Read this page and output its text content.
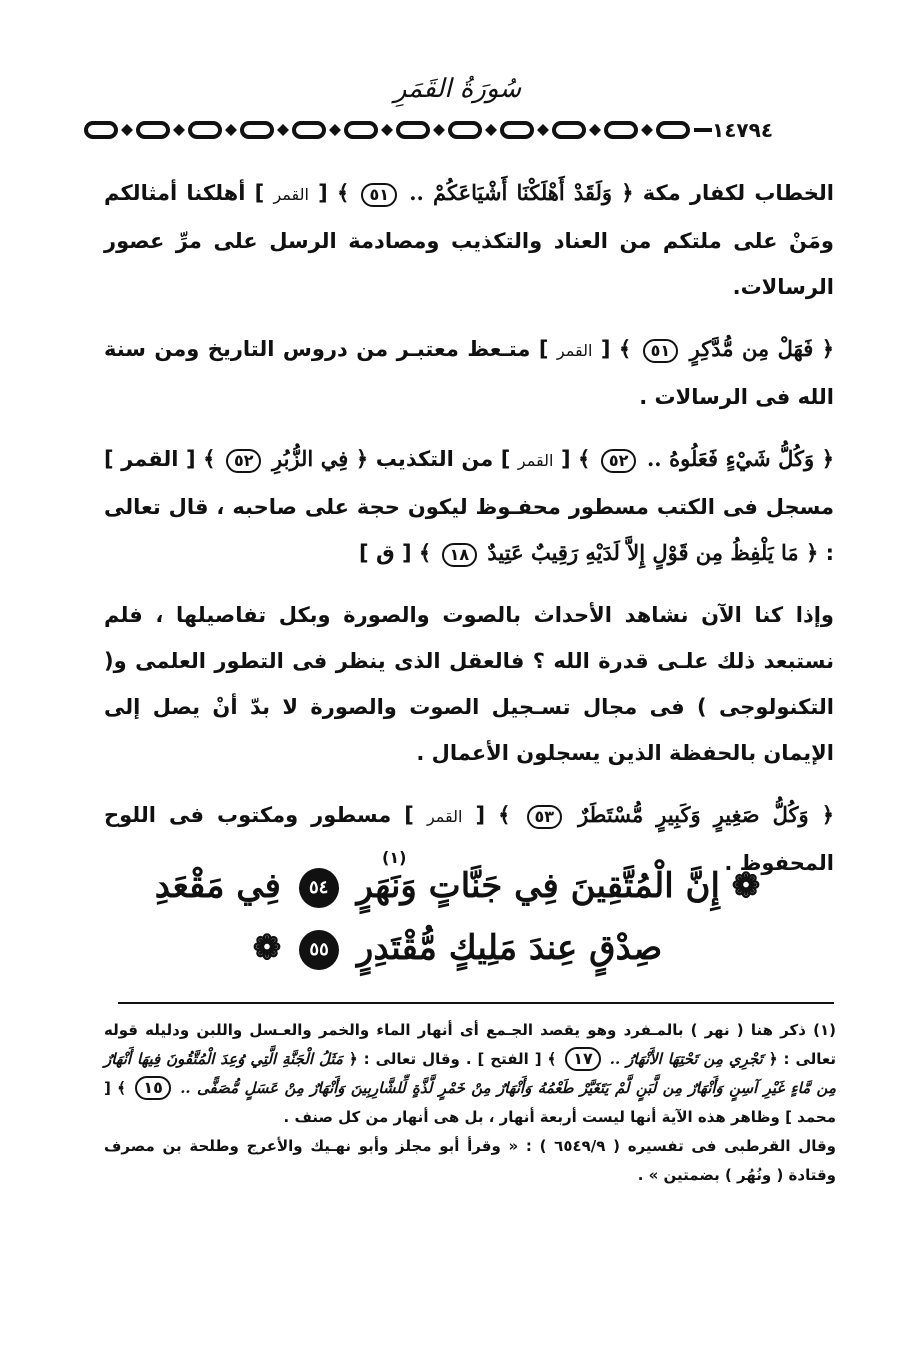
سُورَةُ القَمَرِ
١٤٧٩٤

الخطاب لكفار مكة ﴿ وَلَقَدْ أَهْلَكْنَا أَشْيَاعَكُمْ .. ٥١ ﴾ [ القمر ] أهلكنا أمثالكم ومَنْ على ملتكم من العناد والتكذيب ومصادمة الرسل على مرِّ عصور الرسالات.

﴿ فَهَلْ مِن مُّدَّكِرٍ ٥١ ﴾ [ القمر ] متـعظ معتبـر من دروس التاريخ ومن سنة الله فى الرسالات .

﴿ وَكُلُّ شَيْءٍ فَعَلُوهُ .. ٥٢ ﴾ [ القمر ] من التكذيب ﴿ فِي الزُّبُرِ ٥٢ ﴾ [ القمر ] مسجل فى الكتب مسطور محفـوظ ليكون حجة على صاحبه ، قال تعالى : ﴿ مَا يَلْفِظُ مِن قَوْلٍ إِلاَّ لَدَيْهِ رَقِيبٌ عَتِيدٌ ١٨ ﴾ [ ق ]

وإذا كنا الآن نشاهد الأحداث بالصوت والصورة وبكل تفاصيلها ، فلم نستبعد ذلك علـى قدرة الله ؟ فالعقل الذى ينظر فى التطور العلمى و( التكنولوجى ) فى مجال تسـجيل الصوت والصورة لا بدّ أنْ يصل إلى الإيمان بالحفظة الذين يسجلون الأعمال .

﴿ وَكُلُّ صَغِيرٍ وَكَبِيرٍ مُّسْتَطَرٌ ٥٣ ﴾ [ القمر ] مسطور ومكتوب فى اللوح المحفوظ .

(١)
❁ إِنَّ الْمُتَّقِينَ فِي جَنَّاتٍ وَنَهَرٍ ٥٤ فِي مَقْعَدِ
صِدْقٍ عِندَ مَلِيكٍ مُّقْتَدِرٍ ٥٥ ❁

(١) ذكر هنا ( نهر ) بالمـفرد وهو يقصد الجـمع أى أنهار الماء والخمر والعـسل واللبن ودليله قوله تعالى : ﴿ تَجْرِي مِن تَحْتِهَا الأَنْهَارُ .. ١٧ ﴾ [ الفتح ] . وقال تعالى : ﴿ مَثَلُ الْجَنَّةِ الَّتِي وُعِدَ الْمُتَّقُونَ فِيهَا أَنْهَارٌ مِن مَّاءٍ غَيْرِ آسِنٍ وَأَنْهَارٌ مِن لَّبَنٍ لَّمْ يَتَغَيَّرْ طَعْمُهُ وَأَنْهَارٌ مِنْ خَمْرٍ لَّذَّةٍ لِّلشَّارِبِينَ وَأَنْهَارٌ مِنْ عَسَلٍ مُّصَفًّى .. ١٥ ﴾ [ محمد ] وظاهر هذه الآية أنها ليست أربعة أنهار ، بل هى أنهار من كل صنف .

وقال القرطبى فى تفسيره ( ٦٥٤٩/٩ ) : « وقرأ أبو مجلز وأبو نهـيك والأعرج وطلحة بن مصرف وقتادة ( ونُهُر ) بضمتين » .
